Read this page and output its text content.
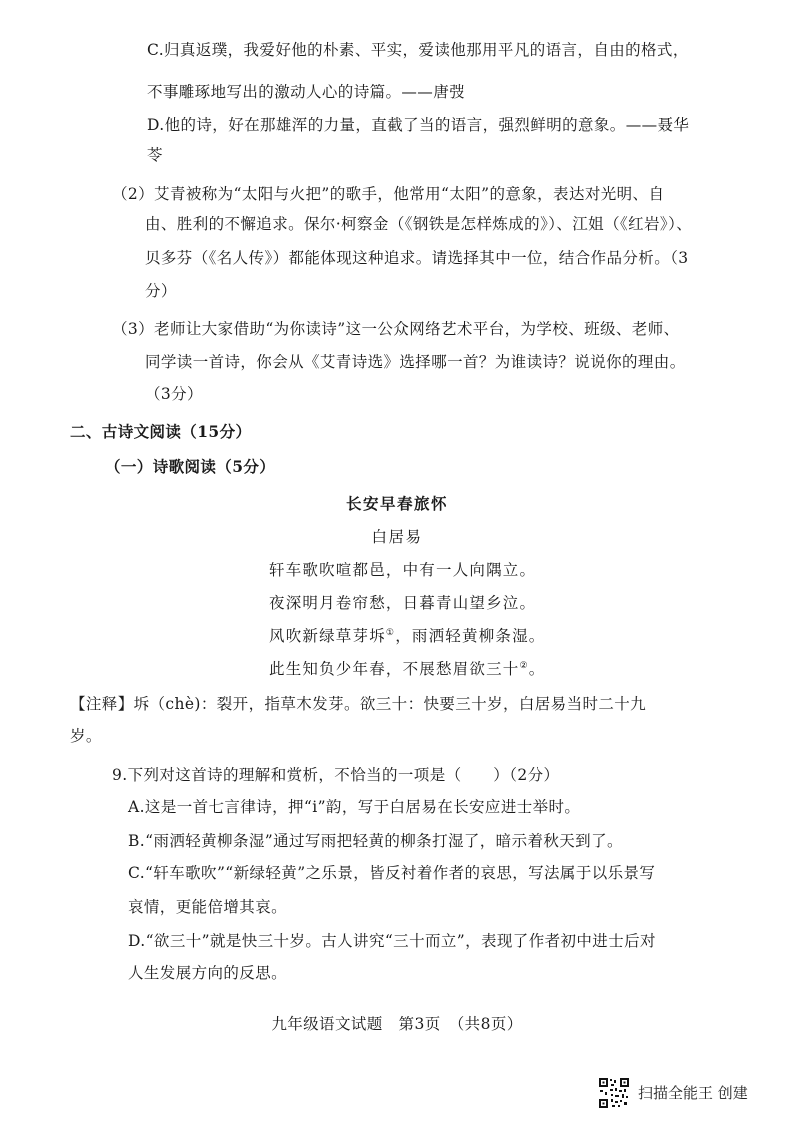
C.归真返璞，我爱好他的朴素、平实，爱读他那用平凡的语言，自由的格式，
不事雕琢地写出的激动人心的诗篇。——唐弢
D.他的诗，好在那雄浑的力量，直截了当的语言，强烈鲜明的意象。——聂华
苓
（2）艾青被称为“太阳与火把”的歌手，他常用“太阳”的意象，表达对光明、自
由、胜利的不懈追求。保尔·柯察金（《钢铁是怎样炼成的》）、江姐（《红岩》）、
贝多芬（《名人传》）都能体现这种追求。请选择其中一位，结合作品分析。（3
分）
（3）老师让大家借助“为你读诗”这一公众网络艺术平台，为学校、班级、老师、
同学读一首诗，你会从《艾青诗选》选择哪一首？为谁读诗？说说你的理由。
（3分）
二、古诗文阅读（15分）
（一）诗歌阅读（5分）
长安早春旅怀
白居易
轩车歌吹喧都邑，中有一人向隅立。
夜深明月卷帘愁，日暮青山望乡泣。
风吹新绿草芽坼①，雨洒轻黄柳条湿。
此生知负少年春，不展愁眉欲三十②。
【注释】坼（chè)：裂开，指草木发芽。欲三十：快要三十岁，白居易当时二十九
岁。
9.下列对这首诗的理解和赏析，不恰当的一项是（　　）（2分）
A.这是一首七言律诗，押“i”韵，写于白居易在长安应进士举时。
B.“雨洒轻黄柳条湿”通过写雨把轻黄的柳条打湿了，暗示着秋天到了。
C.“轩车歌吹”“新绿轻黄”之乐景，皆反衬着作者的哀思，写法属于以乐景写
哀情，更能倍增其哀。
D.“欲三十”就是快三十岁。古人讲究“三十而立”，表现了作者初中进士后对
人生发展方向的反思。
九年级语文试题　第3页　（共8页）
扫描全能王 创建
